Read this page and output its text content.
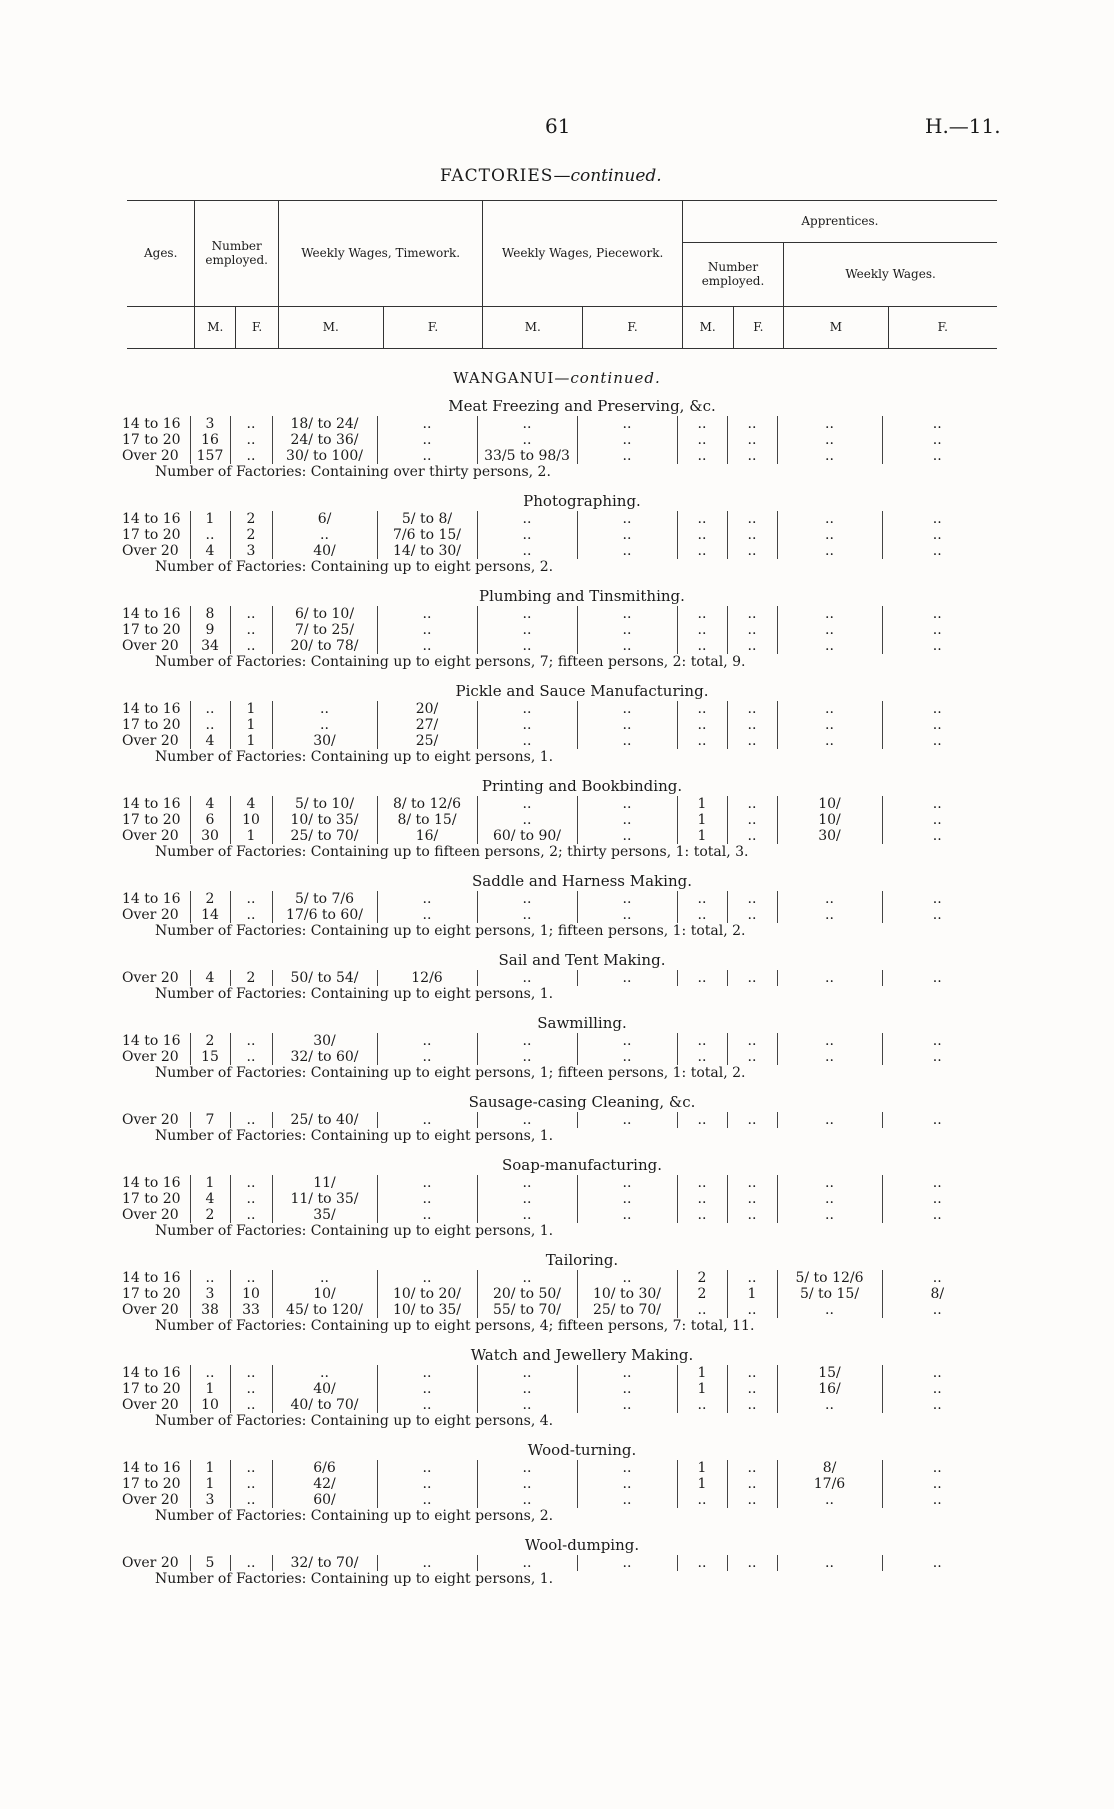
61	H.—11.
FACTORIES—continued.
Ages.	Number employed.		Weekly Wages, Timework.		Weekly Wages, Piecework.		Apprentices.			
							Number employed.		Weekly Wages.	
	M.	F.	M.	F.	M.	F.	M.	F.	M	F.
WANGANUI—continued.
Meat Freezing and Preserving, &c.
14 to 16	3	..	18/ to 24/	..	..	..	..	..	..	..
17 to 20	16	..	24/ to 36/	..	..	..	..	..	..	..
Over 20	157	..	30/ to 100/	..	33/5 to 98/3	..	..	..	..	..
Number of Factories: Containing over thirty persons, 2.
Photographing.
14 to 16	1	2	6/	5/ to 8/	..	..	..	..	..	..
17 to 20	..	2	..	7/6 to 15/	..	..	..	..	..	..
Over 20	4	3	40/	14/ to 30/	..	..	..	..	..	..
Number of Factories: Containing up to eight persons, 2.
Plumbing and Tinsmithing.
14 to 16	8	..	6/ to 10/	..	..	..	..	..	..	..
17 to 20	9	..	7/ to 25/	..	..	..	..	..	..	..
Over 20	34	..	20/ to 78/	..	..	..	..	..	..	..
Number of Factories: Containing up to eight persons, 7; fifteen persons, 2: total, 9.
Pickle and Sauce Manufacturing.
14 to 16	..	1	..	20/	..	..	..	..	..	..
17 to 20	..	1	..	27/	..	..	..	..	..	..
Over 20	4	1	30/	25/	..	..	..	..	..	..
Number of Factories: Containing up to eight persons, 1.
Printing and Bookbinding.
14 to 16	4	4	5/ to 10/	8/ to 12/6	..	..	1	..	10/	..
17 to 20	6	10	10/ to 35/	8/ to 15/	..	..	1	..	10/	..
Over 20	30	1	25/ to 70/	16/	60/ to 90/	..	1	..	30/	..
Number of Factories: Containing up to fifteen persons, 2; thirty persons, 1: total, 3.
Saddle and Harness Making.
14 to 16	2	..	5/ to 7/6	..	..	..	..	..	..	..
Over 20	14	..	17/6 to 60/	..	..	..	..	..	..	..
Number of Factories: Containing up to eight persons, 1; fifteen persons, 1: total, 2.
Sail and Tent Making.
Over 20	4	2	50/ to 54/	12/6	..	..	..	..	..	..
Number of Factories: Containing up to eight persons, 1.
Sawmilling.
14 to 16	2	..	30/	..	..	..	..	..	..	..
Over 20	15	..	32/ to 60/	..	..	..	..	..	..	..
Number of Factories: Containing up to eight persons, 1; fifteen persons, 1: total, 2.
Sausage-casing Cleaning, &c.
Over 20	7	..	25/ to 40/	..	..	..	..	..	..	..
Number of Factories: Containing up to eight persons, 1.
Soap-manufacturing.
14 to 16	1	..	11/	..	..	..	..	..	..	..
17 to 20	4	..	11/ to 35/	..	..	..	..	..	..	..
Over 20	2	..	35/	..	..	..	..	..	..	..
Number of Factories: Containing up to eight persons, 1.
Tailoring.
14 to 16	..	..	..	..	..	..	2	..	5/ to 12/6	..
17 to 20	3	10	10/	10/ to 20/	20/ to 50/	10/ to 30/	2	1	5/ to 15/	8/
Over 20	38	33	45/ to 120/	10/ to 35/	55/ to 70/	25/ to 70/	..	..	..	..
Number of Factories: Containing up to eight persons, 4; fifteen persons, 7: total, 11.
Watch and Jewellery Making.
14 to 16	..	..	..	..	..	..	1	..	15/	..
17 to 20	1	..	40/	..	..	..	1	..	16/	..
Over 20	10	..	40/ to 70/	..	..	..	..	..	..	..
Number of Factories: Containing up to eight persons, 4.
Wood-turning.
14 to 16	1	..	6/6	..	..	..	1	..	8/	..
17 to 20	1	..	42/	..	..	..	1	..	17/6	..
Over 20	3	..	60/	..	..	..	..	..	..	..
Number of Factories: Containing up to eight persons, 2.
Wool-dumping.
Over 20	5	..	32/ to 70/	..	..	..	..	..	..	..
Number of Factories: Containing up to eight persons, 1.
